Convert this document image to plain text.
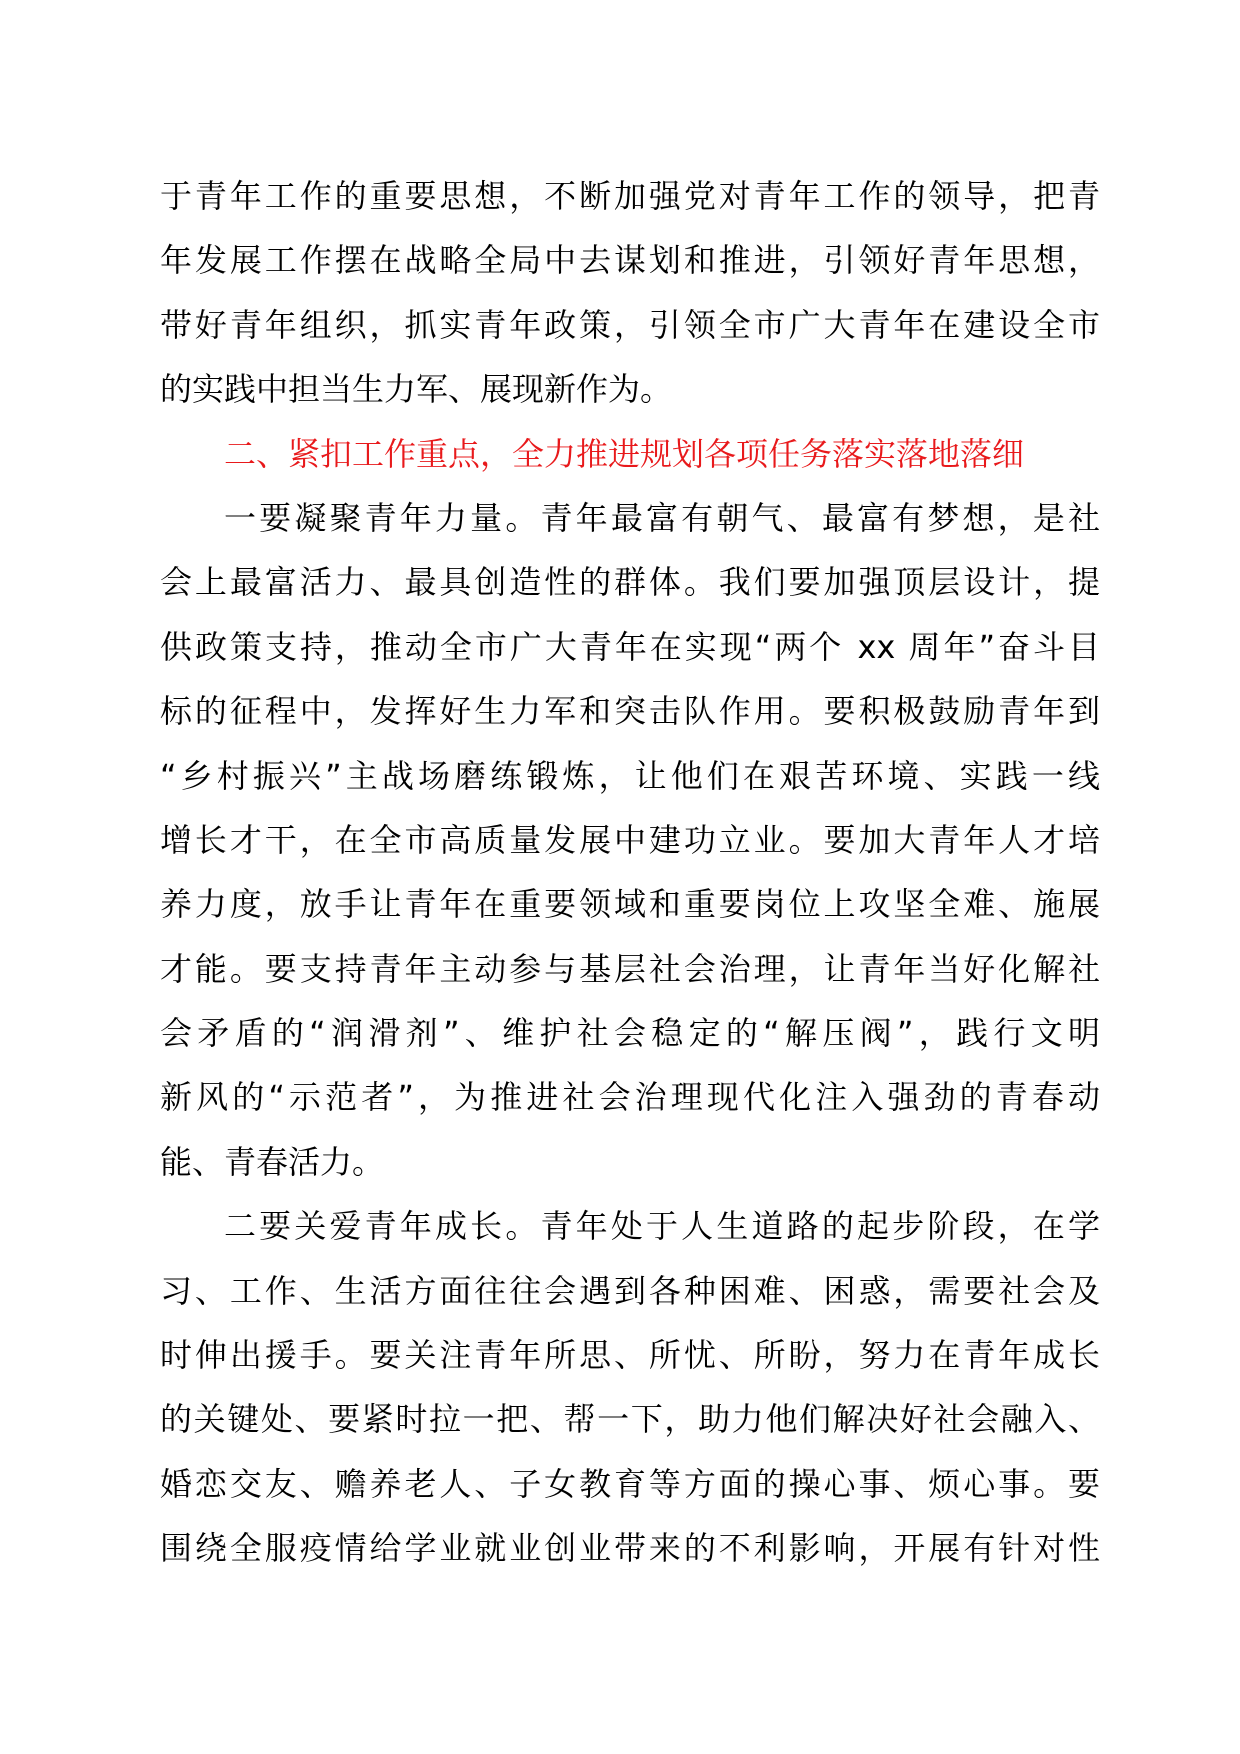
于青年工作的重要思想，不断加强党对青年工作的领导，把青
年发展工作摆在战略全局中去谋划和推进，引领好青年思想，
带好青年组织，抓实青年政策，引领全市广大青年在建设全市
的实践中担当生力军、展现新作为。
二、紧扣工作重点，全力推进规划各项任务落实落地落细
一要凝聚青年力量。青年最富有朝气、最富有梦想，是社
会上最富活力、最具创造性的群体。我们要加强顶层设计，提
供政策支持，推动全市广大青年在实现“两个 xx 周年”奋斗目
标的征程中，发挥好生力军和突击队作用。要积极鼓励青年到
“乡村振兴”主战场磨练锻炼，让他们在艰苦环境、实践一线
增长才干，在全市高质量发展中建功立业。要加大青年人才培
养力度，放手让青年在重要领域和重要岗位上攻坚全难、施展
才能。要支持青年主动参与基层社会治理，让青年当好化解社
会矛盾的“润滑剂”、维护社会稳定的“解压阀”，践行文明
新风的“示范者”，为推进社会治理现代化注入强劲的青春动
能、青春活力。
二要关爱青年成长。青年处于人生道路的起步阶段，在学
习、工作、生活方面往往会遇到各种困难、困惑，需要社会及
时伸出援手。要关注青年所思、所忧、所盼，努力在青年成长
的关键处、要紧时拉一把、帮一下，助力他们解决好社会融入、
婚恋交友、赡养老人、子女教育等方面的操心事、烦心事。要
围绕全服疫情给学业就业创业带来的不利影响，开展有针对性
